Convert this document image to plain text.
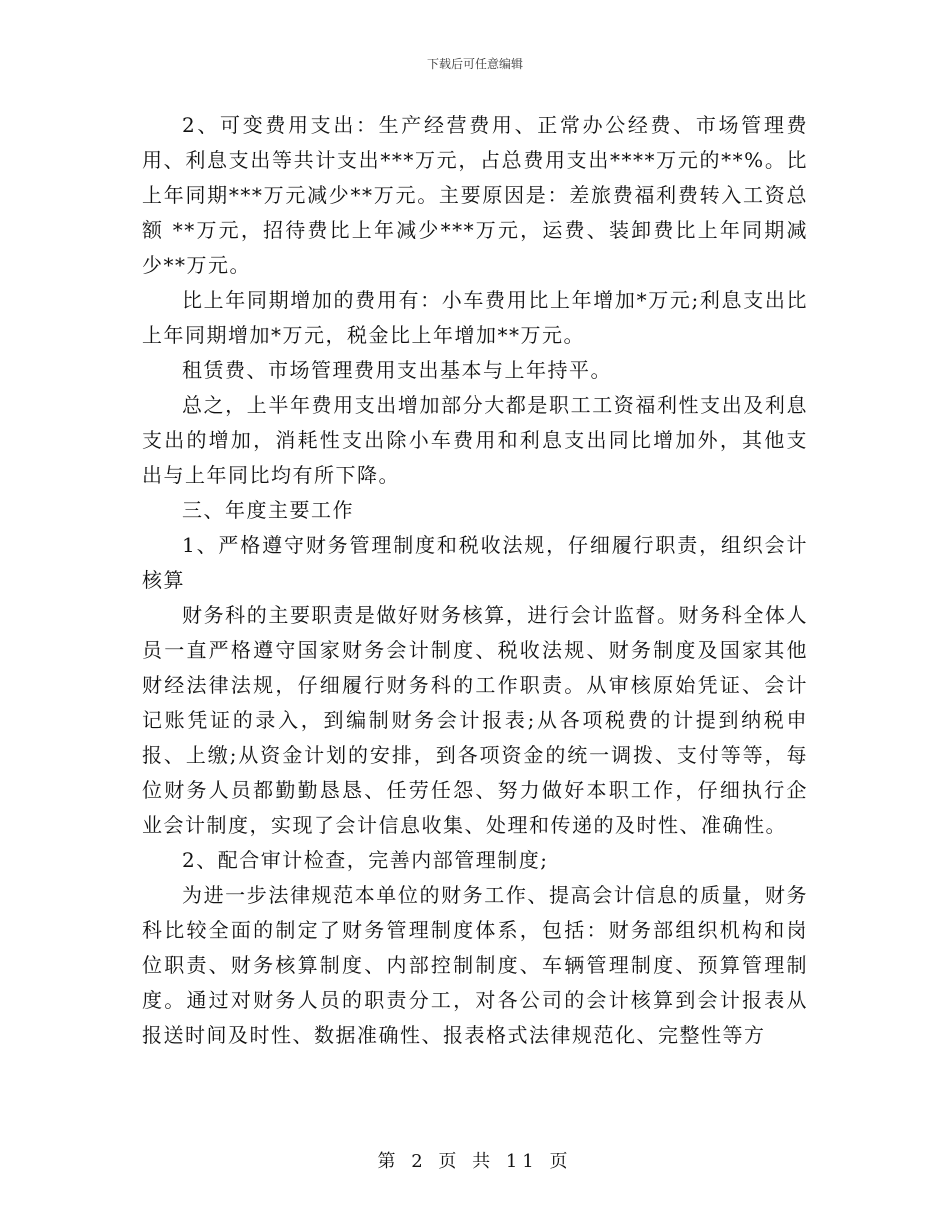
下载后可任意编辑

2、可变费用支出：生产经营费用、正常办公经费、市场管理费用、利息支出等共计支出***万元，占总费用支出****万元的**%。比上年同期***万元减少**万元。主要原因是：差旅费福利费转入工资总额 **万元，招待费比上年减少***万元，运费、装卸费比上年同期减少**万元。

比上年同期增加的费用有：小车费用比上年增加*万元;利息支出比上年同期增加*万元，税金比上年增加**万元。

租赁费、市场管理费用支出基本与上年持平。

总之，上半年费用支出增加部分大都是职工工资福利性支出及利息支出的增加，消耗性支出除小车费用和利息支出同比增加外，其他支出与上年同比均有所下降。

三、年度主要工作

1、严格遵守财务管理制度和税收法规，仔细履行职责，组织会计核算

财务科的主要职责是做好财务核算，进行会计监督。财务科全体人员一直严格遵守国家财务会计制度、税收法规、财务制度及国家其他财经法律法规，仔细履行财务科的工作职责。从审核原始凭证、会计记账凭证的录入，到编制财务会计报表;从各项税费的计提到纳税申报、上缴;从资金计划的安排，到各项资金的统一调拨、支付等等，每位财务人员都勤勤恳恳、任劳任怨、努力做好本职工作，仔细执行企业会计制度，实现了会计信息收集、处理和传递的及时性、准确性。

2、配合审计检查，完善内部管理制度;

为进一步法律规范本单位的财务工作、提高会计信息的质量，财务科比较全面的制定了财务管理制度体系，包括：财务部组织机构和岗位职责、财务核算制度、内部控制制度、车辆管理制度、预算管理制度。通过对财务人员的职责分工，对各公司的会计核算到会计报表从报送时间及时性、数据准确性、报表格式法律规范化、完整性等方

第 2 页 共 11 页
